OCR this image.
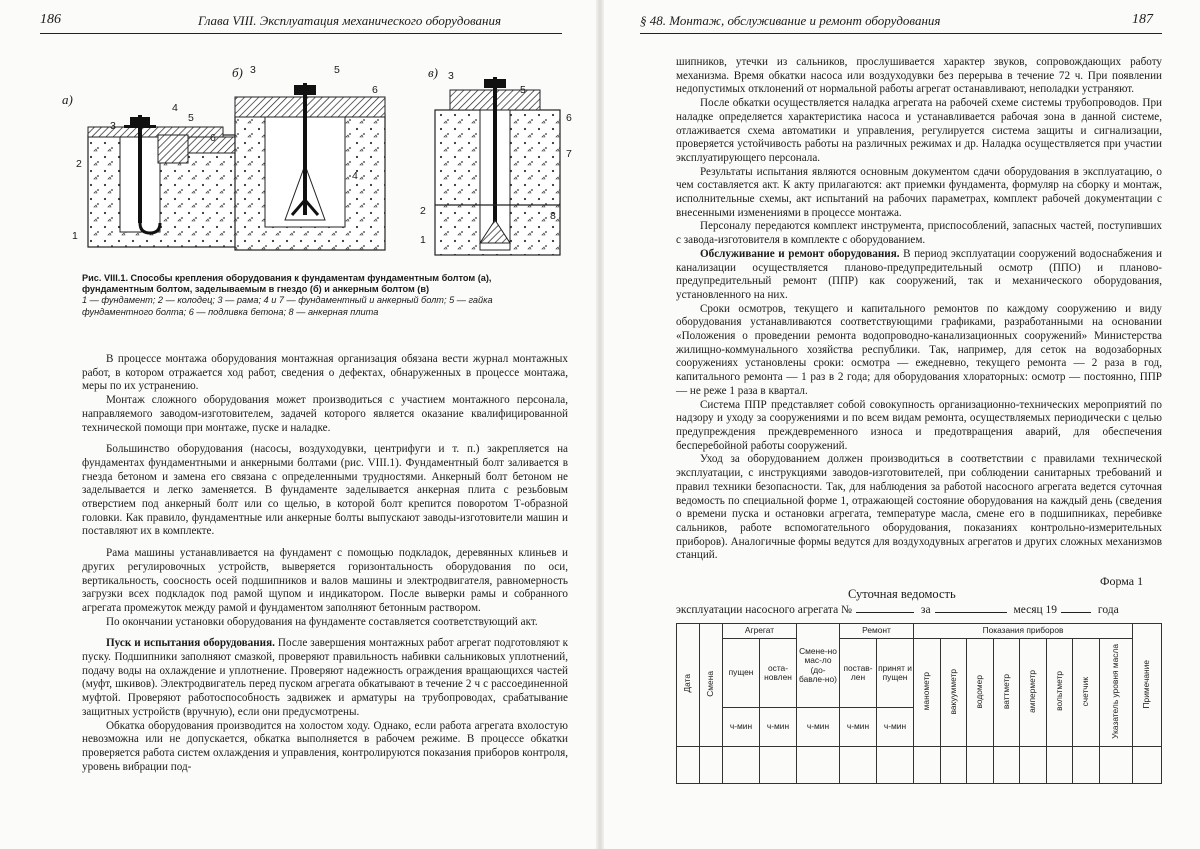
186	Глава VIII. Эксплуатация механического оборудования
а)
б)	в)
3
4
5
6
2
1
3	5
6
4
3
5
6
7
2	8
1
Рис. VIII.1. Способы крепления оборудования к фундаментам фундаментным болтом (а), фундаментным болтом, заделываемым в гнездо (б) и анкерным болтом (в)
1 — фундамент; 2 — колодец; 3 — рама; 4 и 7 — фундаментный и анкерный болт; 5 — гайка фундаментного болта; 6 — подливка бетона; 8 — анкерная плита

В процессе монтажа оборудования монтажная организация обязана вести журнал монтажных работ, в котором отражается ход работ, сведения о дефектах, обнаруженных в процессе монтажа, меры по их устранению.

Монтаж сложного оборудования может производиться с участием монтажного персонала, направляемого заводом-изготовителем, задачей которого является оказание квалифицированной технической помощи при монтаже, пуске и наладке.

Большинство оборудования (насосы, воздуходувки, центрифуги и т. п.) закрепляется на фундаментах фундаментными и анкерными болтами (рис. VIII.1). Фундаментный болт заливается в гнезда бетоном и замена его связана с определенными трудностями. Анкерный болт бетоном не заделывается и легко заменяется. В фундаменте заделывается анкерная плита с резьбовым отверстием под анкерный болт или со щелью, в которой болт крепится поворотом Т-образной головки. Как правило, фундаментные или анкерные болты выпускают заводы-изготовители машин и поставляют их в комплекте.

Рама машины устанавливается на фундамент с помощью подкладок, деревянных клиньев и других регулировочных устройств, выверяется горизонтальность оборудования по оси, вертикальность, соосность осей подшипников и валов машины и электродвигателя, равномерность загрузки всех подкладок под рамой щупом и индикатором. После выверки рамы и собранного агрегата промежуток между рамой и фундаментом заполняют бетонным раствором.

По окончании установки оборудования на фундаменте составляется соответствующий акт.

Пуск и испытания оборудования. После завершения монтажных работ агрегат подготовляют к пуску. Подшипники заполняют смазкой, проверяют правильность набивки сальниковых уплотнений, подачу воды на охлаждение и уплотнение. Проверяют надежность ограждения вращающихся частей (муфт, шкивов). Электродвигатель перед пуском агрегата обкатывают в течение 2 ч с рассоединенной муфтой. Проверяют работоспособность задвижек и арматуры на трубопроводах, срабатывание защитных устройств (вручную), если они предусмотрены.

Обкатка оборудования производится на холостом ходу. Однако, если работа агрегата вхолостую невозможна или не допускается, обкатка выполняется в рабочем режиме. В процессе обкатки проверяется работа систем охлаждения и управления, контролируются показания приборов контроля, уровень вибрации под-

§ 48. Монтаж, обслуживание и ремонт оборудования	187

шипников, утечки из сальников, прослушивается характер звуков, сопровождающих работу механизма. Время обкатки насоса или воздуходувки без перерыва в течение 72 ч. При появлении недопустимых отклонений от нормальной работы агрегат останавливают, неполадки устраняют.

После обкатки осуществляется наладка агрегата на рабочей схеме системы трубопроводов. При наладке определяется характеристика насоса и устанавливается рабочая зона в данной системе, отлаживается схема автоматики и управления, регулируется система защиты и сигнализации, проверяется устойчивость работы на различных режимах и др. Наладка осуществляется при участии эксплуатирующего персонала.

Результаты испытания являются основным документом сдачи оборудования в эксплуатацию, о чем составляется акт. К акту прилагаются: акт приемки фундамента, формуляр на сборку и монтаж, исполнительные схемы, акт испытаний на рабочих параметрах, комплект рабочей документации с внесенными изменениями в процессе монтажа.

Персоналу передаются комплект инструмента, приспособлений, запасных частей, поступивших с завода-изготовителя в комплекте с оборудованием.

Обслуживание и ремонт оборудования. В период эксплуатации сооружений водоснабжения и канализации осуществляется планово-предупредительный осмотр (ППО) и планово-предупредительный ремонт (ППР) как сооружений, так и механического оборудования, установленного на них.

Сроки осмотров, текущего и капитального ремонтов по каждому сооружению и виду оборудования устанавливаются соответствующими графиками, разработанными на основании «Положения о проведении ремонта водопроводно-канализационных сооружений» Министерства жилищно-коммунального хозяйства республики. Так, например, для сеток на водозаборных сооружениях установлены сроки: осмотра — ежедневно, текущего ремонта — 2 раза в год, капитального ремонта — 1 раз в 2 года; для оборудования хлораторных: осмотр — постоянно, ППР — не реже 1 раза в квартал.

Система ППР представляет собой совокупность организационно-технических мероприятий по надзору и уходу за сооружениями и по всем видам ремонта, осуществляемых периодически с целью предупреждения преждевременного износа и предотвращения аварий, для обеспечения бесперебойной работы сооружений.

Уход за оборудованием должен производиться в соответствии с правилами технической эксплуатации, с инструкциями заводов-изготовителей, при соблюдении санитарных требований и правил техники безопасности. Так, для наблюдения за работой насосного агрегата ведется суточная ведомость по специальной форме 1, отражающей состояние оборудования на каждый день (сведения о времени пуска и остановки агрегата, температуре масла, смене его в подшипниках, перебивке сальников, работе вспомогательного оборудования, показаниях контрольно-измерительных приборов). Аналогичные формы ведутся для воздуходувных агрегатов и других сложных механизмов станций.

Форма 1
Суточная ведомость
эксплуатации насосного агрегата №	за	месяц 19	года
Дата	Смена	Агрегат		Смене-но мас-ло (до-бавле-но)	Ремонт		Показания приборов								Примечание
		пущен	оста-новлен		постав-лен	принят и пущен	манометр	вакуумметр	водомер	ваттметр	амперметр	вольтметр	счетчик	Указатель уровня масла	
		ч-мин	ч-мин	ч-мин	ч-мин	ч-мин									
